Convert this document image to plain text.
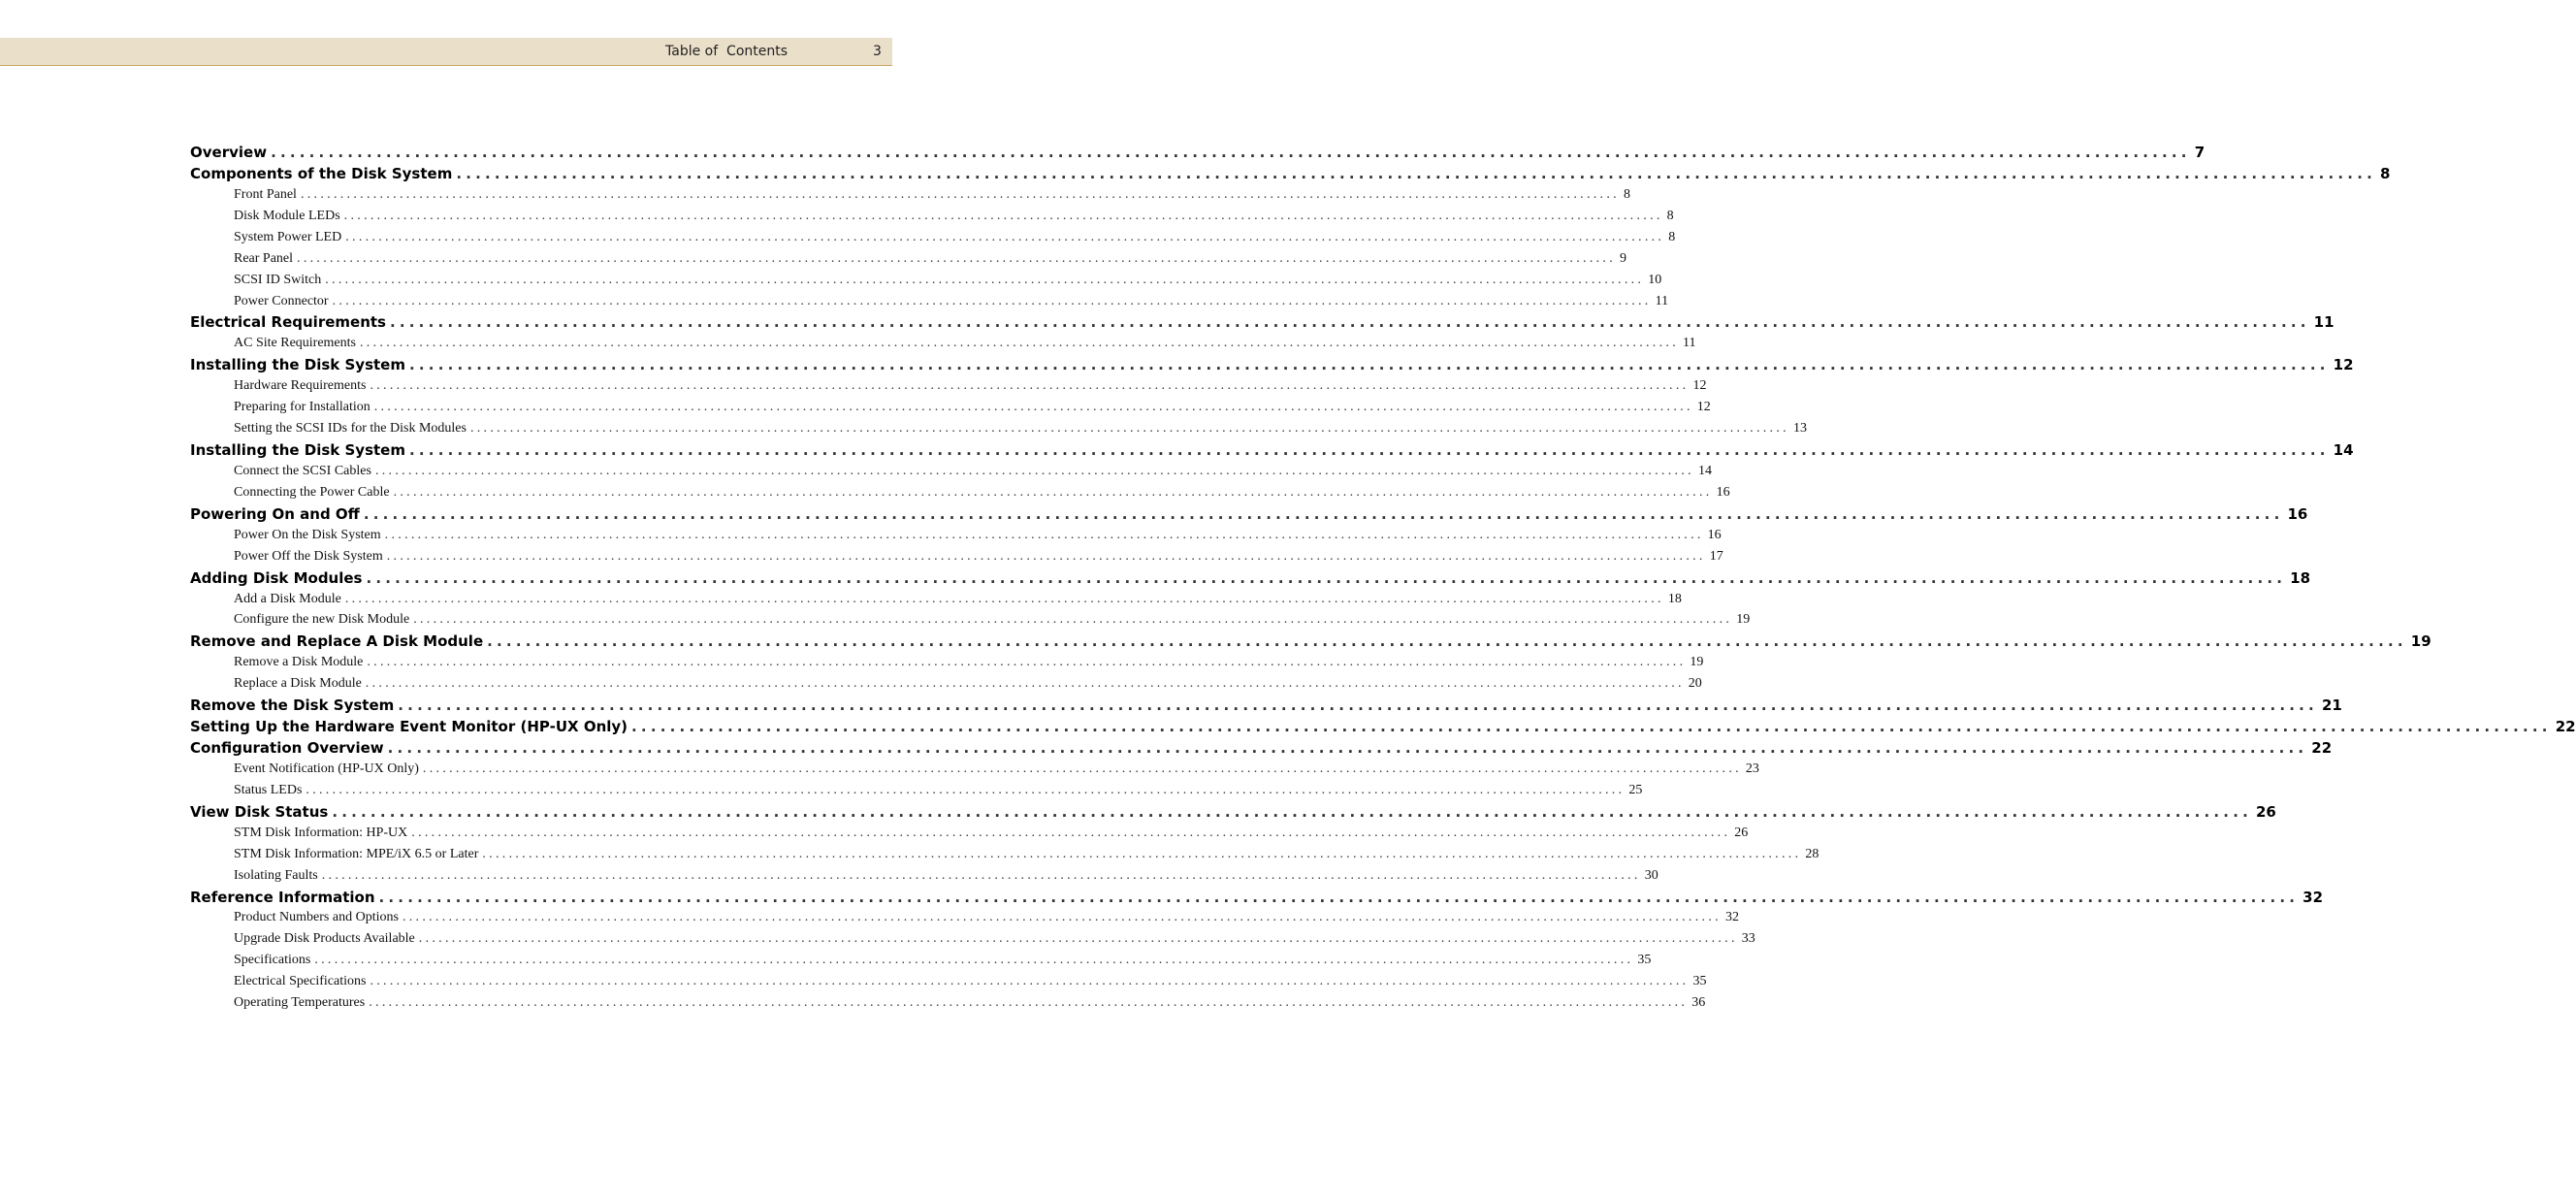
Table of  Contents	3
Overview ........................................................................................................................................................................................................ 7
Components of the Disk System ........................................................................................................................................................................................................ 8
Front Panel ........................................................................................................................................................................................................ 8
Disk Module LEDs ........................................................................................................................................................................................................ 8
System Power LED ........................................................................................................................................................................................................ 8
Rear Panel ........................................................................................................................................................................................................ 9
SCSI ID Switch ........................................................................................................................................................................................................ 10
Power Connector ........................................................................................................................................................................................................ 11
Electrical Requirements ........................................................................................................................................................................................................ 11
AC Site Requirements ........................................................................................................................................................................................................ 11
Installing the Disk System ........................................................................................................................................................................................................ 12
Hardware Requirements ........................................................................................................................................................................................................ 12
Preparing for Installation ........................................................................................................................................................................................................ 12
Setting the SCSI IDs for the Disk Modules ........................................................................................................................................................................................................ 13
Installing the Disk System ........................................................................................................................................................................................................ 14
Connect the SCSI Cables ........................................................................................................................................................................................................ 14
Connecting the Power Cable ........................................................................................................................................................................................................ 16
Powering On and Off ........................................................................................................................................................................................................ 16
Power On the Disk System ........................................................................................................................................................................................................ 16
Power Off the Disk System ........................................................................................................................................................................................................ 17
Adding Disk Modules ........................................................................................................................................................................................................ 18
Add a Disk Module ........................................................................................................................................................................................................ 18
Configure the new Disk Module ........................................................................................................................................................................................................ 19
Remove and Replace A Disk Module ........................................................................................................................................................................................................ 19
Remove a Disk Module ........................................................................................................................................................................................................ 19
Replace a Disk Module ........................................................................................................................................................................................................ 20
Remove the Disk System ........................................................................................................................................................................................................ 21
Setting Up the Hardware Event Monitor (HP-UX Only) ........................................................................................................................................................................................................ 22
Configuration Overview ........................................................................................................................................................................................................ 22
Event Notification (HP-UX Only) ........................................................................................................................................................................................................ 23
Status LEDs ........................................................................................................................................................................................................ 25
View Disk Status ........................................................................................................................................................................................................ 26
STM Disk Information: HP-UX ........................................................................................................................................................................................................ 26
STM Disk Information: MPE/iX 6.5 or Later ........................................................................................................................................................................................................ 28
Isolating Faults ........................................................................................................................................................................................................ 30
Reference Information ........................................................................................................................................................................................................ 32
Product Numbers and Options ........................................................................................................................................................................................................ 32
Upgrade Disk Products Available ........................................................................................................................................................................................................ 33
Specifications ........................................................................................................................................................................................................ 35
Electrical Specifications ........................................................................................................................................................................................................ 35
Operating Temperatures ........................................................................................................................................................................................................ 36
